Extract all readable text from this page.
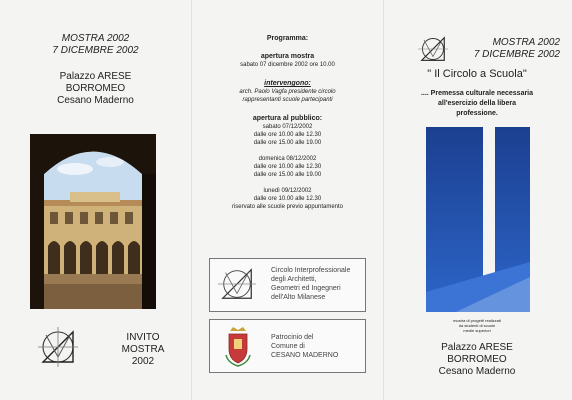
MOSTRA 2002
7 DICEMBRE 2002
Palazzo ARESE
BORROMEO
Cesano Maderno
INVITO
MOSTRA
2002
Programma:
apertura mostra
sabato 07 dicembre 2002 ore 10.00
intervengono:
arch. Paolo Vagfa presidente circolo
rappresentanti scuole partecipanti
apertura al pubblico:
sabato 07/12/2002
dalle ore 10.00 alle 12.30
dalle ore 15.00 alle 19.00
domenica 08/12/2002
dalle ore 10.00 alle 12.30
dalle ore 15.00 alle 19.00
lunedì 09/12/2002
dalle ore 10.00 alle 12.30
riservato alle scuole previo appuntamento
Circolo Interprofessionale
degli Architetti,
Geometri ed Ingegneri
dell'Alto Milanese
Patrocinio del
Comune di
CESANO MADERNO
MOSTRA 2002
7 DICEMBRE 2002
" Il Circolo a Scuola"
.... Premessa culturale necessaria
all'esercizio della libera
professione.
mostra di progetti realizzati
da studenti di scuole
medie superiori
Palazzo ARESE
BORROMEO
Cesano Maderno
